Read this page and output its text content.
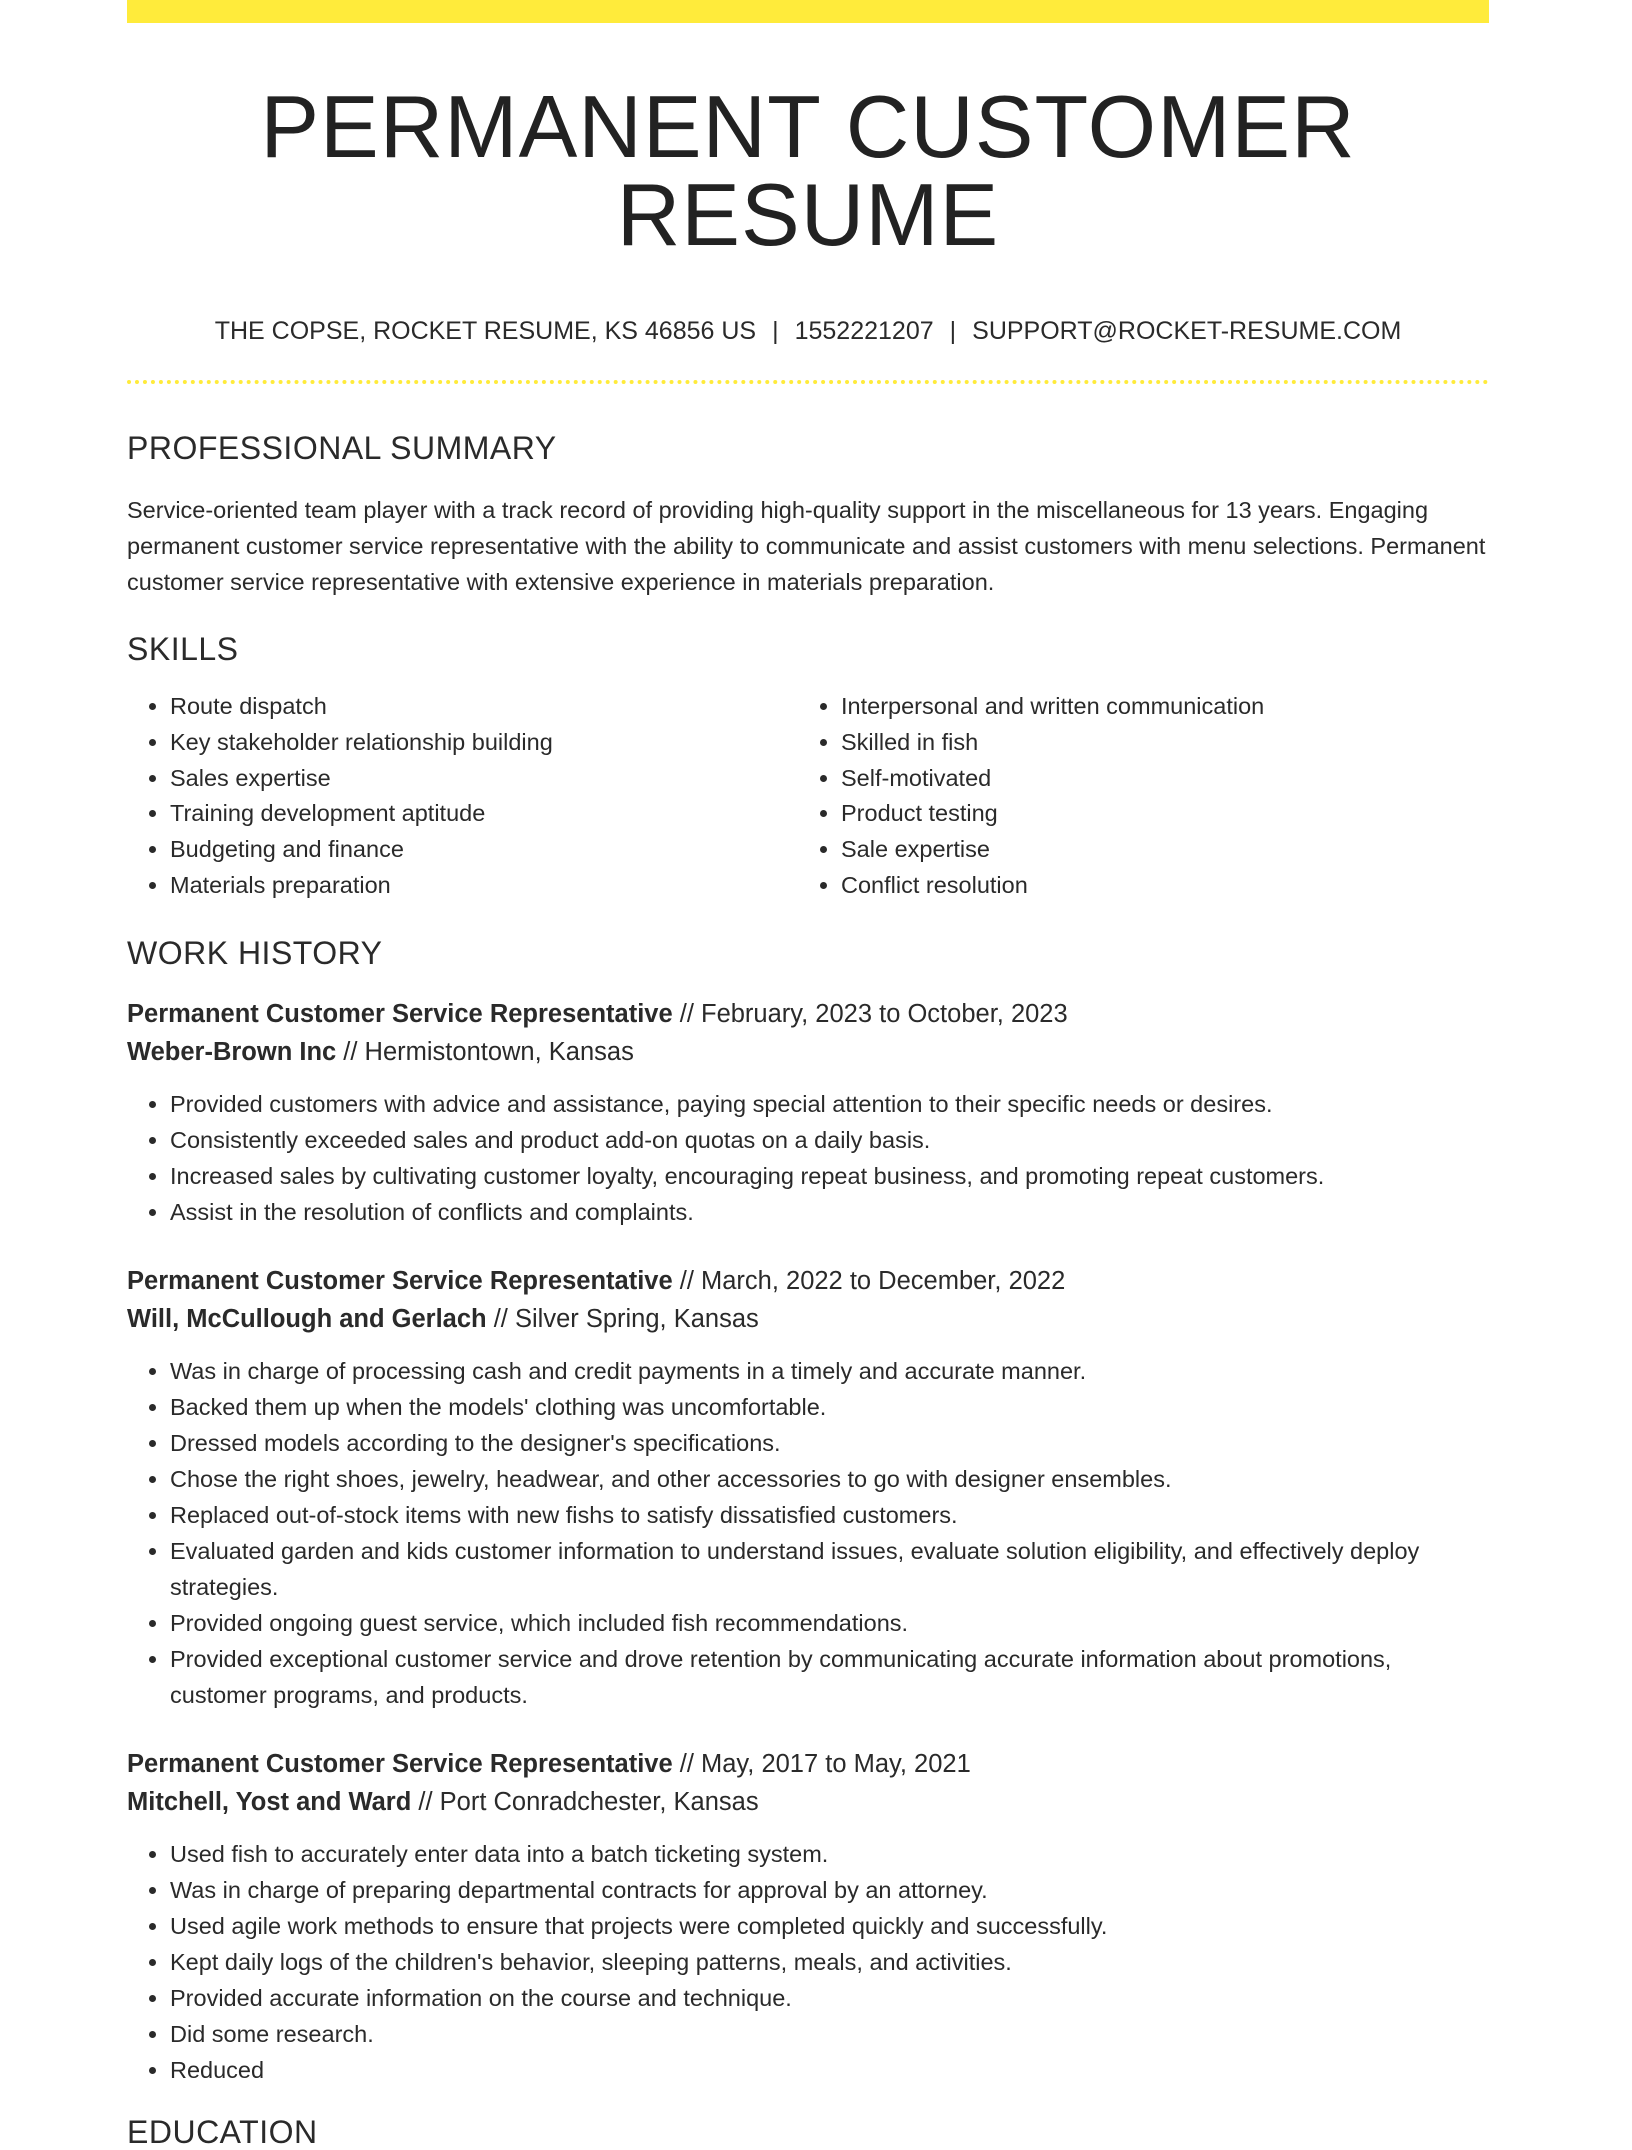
PERMANENT CUSTOMER RESUME
THE COPSE, ROCKET RESUME, KS 46856 US | 1552221207 | SUPPORT@ROCKET-RESUME.COM
PROFESSIONAL SUMMARY

Service-oriented team player with a track record of providing high-quality support in the miscellaneous for 13 years. Engaging permanent customer service representative with the ability to communicate and assist customers with menu selections. Permanent customer service representative with extensive experience in materials preparation.

SKILLS
• Route dispatch
• Key stakeholder relationship building
• Sales expertise
• Training development aptitude
• Budgeting and finance
• Materials preparation
• Interpersonal and written communication
• Skilled in fish
• Self-motivated
• Product testing
• Sale expertise
• Conflict resolution
WORK HISTORY
Permanent Customer Service Representative // February, 2023 to October, 2023
Weber-Brown Inc // Hermistontown, Kansas
• Provided customers with advice and assistance, paying special attention to their specific needs or desires.
• Consistently exceeded sales and product add-on quotas on a daily basis.
• Increased sales by cultivating customer loyalty, encouraging repeat business, and promoting repeat customers.
• Assist in the resolution of conflicts and complaints.
Permanent Customer Service Representative // March, 2022 to December, 2022
Will, McCullough and Gerlach // Silver Spring, Kansas
• Was in charge of processing cash and credit payments in a timely and accurate manner.
• Backed them up when the models' clothing was uncomfortable.
• Dressed models according to the designer's specifications.
• Chose the right shoes, jewelry, headwear, and other accessories to go with designer ensembles.
• Replaced out-of-stock items with new fishs to satisfy dissatisfied customers.
• Evaluated garden and kids customer information to understand issues, evaluate solution eligibility, and effectively deploy strategies.
• Provided ongoing guest service, which included fish recommendations.
• Provided exceptional customer service and drove retention by communicating accurate information about promotions, customer programs, and products.
Permanent Customer Service Representative // May, 2017 to May, 2021
Mitchell, Yost and Ward // Port Conradchester, Kansas
• Used fish to accurately enter data into a batch ticketing system.
• Was in charge of preparing departmental contracts for approval by an attorney.
• Used agile work methods to ensure that projects were completed quickly and successfully.
• Kept daily logs of the children's behavior, sleeping patterns, meals, and activities.
• Provided accurate information on the course and technique.
• Did some research.
• Reduced
EDUCATION
